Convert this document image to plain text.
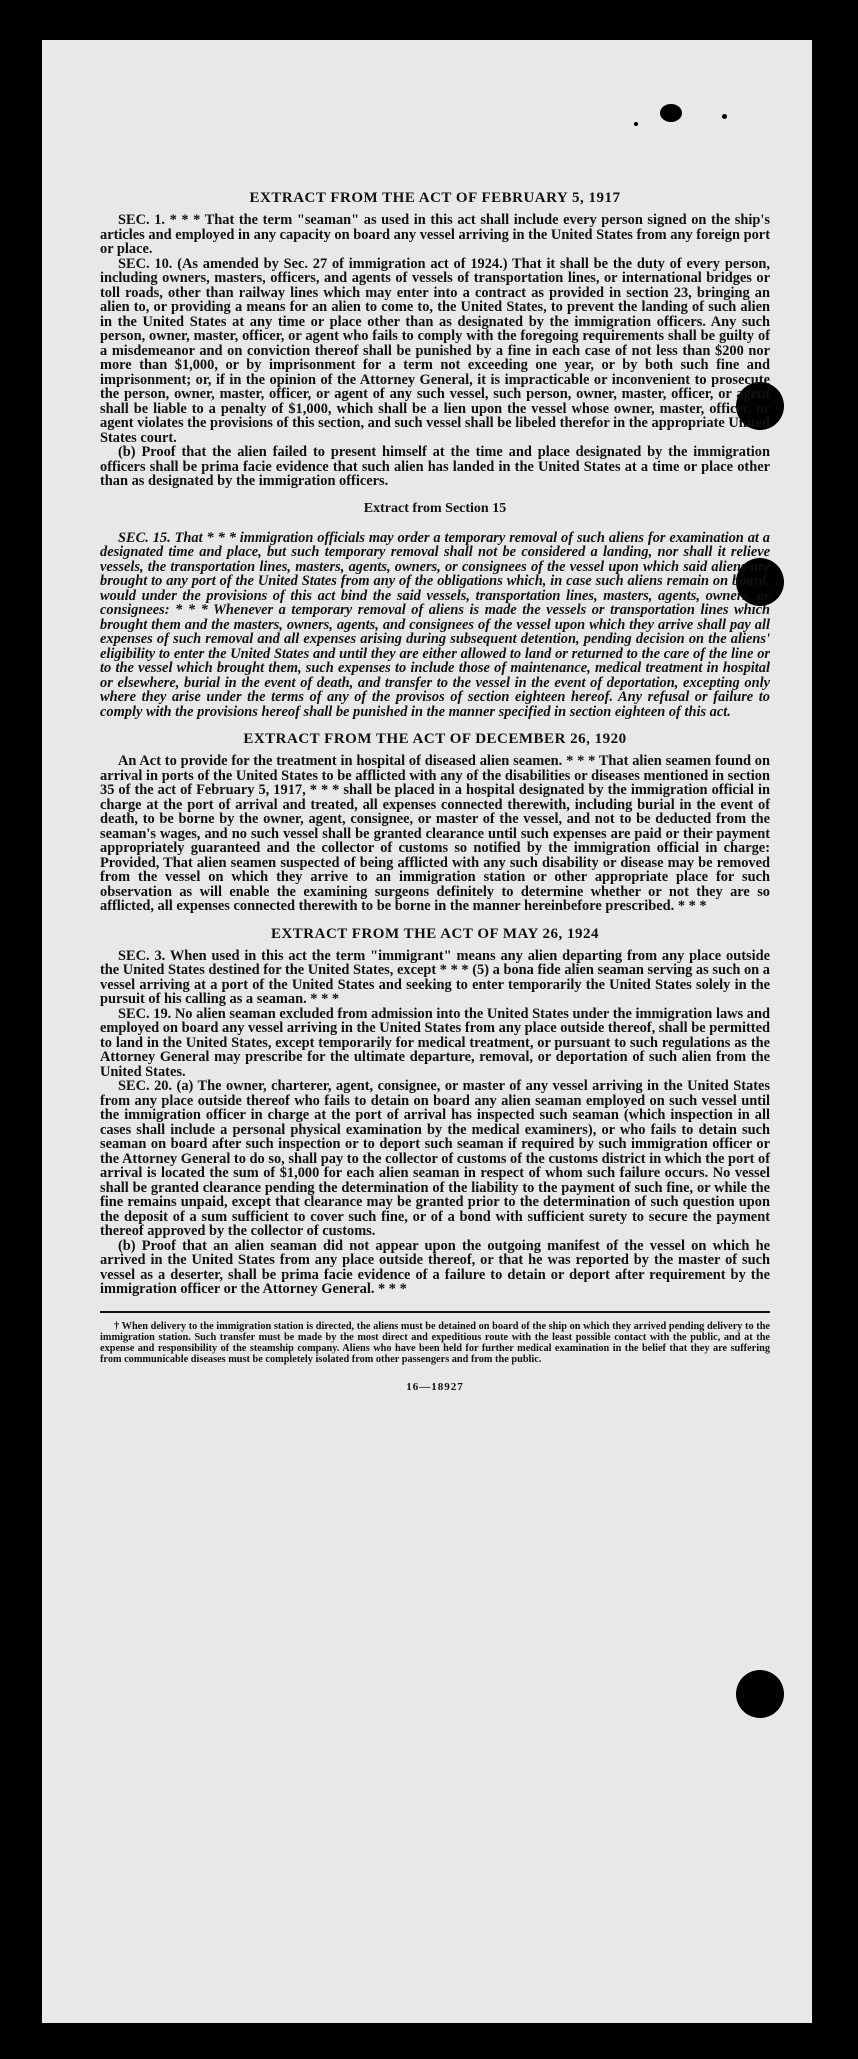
EXTRACT FROM THE ACT OF FEBRUARY 5, 1917

SEC. 1. * * * That the term "seaman" as used in this act shall include every person signed on the ship's articles and employed in any capacity on board any vessel arriving in the United States from any foreign port or place.

SEC. 10. (As amended by Sec. 27 of immigration act of 1924.) That it shall be the duty of every person, including owners, masters, officers, and agents of vessels of transportation lines, or international bridges or toll roads, other than railway lines which may enter into a contract as provided in section 23, bringing an alien to, or providing a means for an alien to come to, the United States, to prevent the landing of such alien in the United States at any time or place other than as designated by the immigration officers. Any such person, owner, master, officer, or agent who fails to comply with the foregoing requirements shall be guilty of a misdemeanor and on conviction thereof shall be punished by a fine in each case of not less than $200 nor more than $1,000, or by imprisonment for a term not exceeding one year, or by both such fine and imprisonment; or, if in the opinion of the Attorney General, it is impracticable or inconvenient to prosecute the person, owner, master, officer, or agent of any such vessel, such person, owner, master, officer, or agent shall be liable to a penalty of $1,000, which shall be a lien upon the vessel whose owner, master, officer, or agent violates the provisions of this section, and such vessel shall be libeled therefor in the appropriate United States court.

(b) Proof that the alien failed to present himself at the time and place designated by the immigration officers shall be prima facie evidence that such alien has landed in the United States at a time or place other than as designated by the immigration officers.

Extract from Section 15

SEC. 15. That * * * immigration officials may order a temporary removal of such aliens for examination at a designated time and place, but such temporary removal shall not be considered a landing, nor shall it relieve vessels, the transportation lines, masters, agents, owners, or consignees of the vessel upon which said aliens are brought to any port of the United States from any of the obligations which, in case such aliens remain on board, would under the provisions of this act bind the said vessels, transportation lines, masters, agents, owners, or consignees: * * * Whenever a temporary removal of aliens is made the vessels or transportation lines which brought them and the masters, owners, agents, and consignees of the vessel upon which they arrive shall pay all expenses of such removal and all expenses arising during subsequent detention, pending decision on the aliens' eligibility to enter the United States and until they are either allowed to land or returned to the care of the line or to the vessel which brought them, such expenses to include those of maintenance, medical treatment in hospital or elsewhere, burial in the event of death, and transfer to the vessel in the event of deportation, excepting only where they arise under the terms of any of the provisos of section eighteen hereof. Any refusal or failure to comply with the provisions hereof shall be punished in the manner specified in section eighteen of this act.

EXTRACT FROM THE ACT OF DECEMBER 26, 1920

An Act to provide for the treatment in hospital of diseased alien seamen. * * * That alien seamen found on arrival in ports of the United States to be afflicted with any of the disabilities or diseases mentioned in section 35 of the act of February 5, 1917, * * * shall be placed in a hospital designated by the immigration official in charge at the port of arrival and treated, all expenses connected therewith, including burial in the event of death, to be borne by the owner, agent, consignee, or master of the vessel, and not to be deducted from the seaman's wages, and no such vessel shall be granted clearance until such expenses are paid or their payment appropriately guaranteed and the collector of customs so notified by the immigration official in charge: Provided, That alien seamen suspected of being afflicted with any such disability or disease may be removed from the vessel on which they arrive to an immigration station or other appropriate place for such observation as will enable the examining surgeons definitely to determine whether or not they are so afflicted, all expenses connected therewith to be borne in the manner hereinbefore prescribed. * * *

EXTRACT FROM THE ACT OF MAY 26, 1924

SEC. 3. When used in this act the term "immigrant" means any alien departing from any place outside the United States destined for the United States, except * * * (5) a bona fide alien seaman serving as such on a vessel arriving at a port of the United States and seeking to enter temporarily the United States solely in the pursuit of his calling as a seaman. * * *

SEC. 19. No alien seaman excluded from admission into the United States under the immigration laws and employed on board any vessel arriving in the United States from any place outside thereof, shall be permitted to land in the United States, except temporarily for medical treatment, or pursuant to such regulations as the Attorney General may prescribe for the ultimate departure, removal, or deportation of such alien from the United States.

SEC. 20. (a) The owner, charterer, agent, consignee, or master of any vessel arriving in the United States from any place outside thereof who fails to detain on board any alien seaman employed on such vessel until the immigration officer in charge at the port of arrival has inspected such seaman (which inspection in all cases shall include a personal physical examination by the medical examiners), or who fails to detain such seaman on board after such inspection or to deport such seaman if required by such immigration officer or the Attorney General to do so, shall pay to the collector of customs of the customs district in which the port of arrival is located the sum of $1,000 for each alien seaman in respect of whom such failure occurs. No vessel shall be granted clearance pending the determination of the liability to the payment of such fine, or while the fine remains unpaid, except that clearance may be granted prior to the determination of such question upon the deposit of a sum sufficient to cover such fine, or of a bond with sufficient surety to secure the payment thereof approved by the collector of customs.

(b) Proof that an alien seaman did not appear upon the outgoing manifest of the vessel on which he arrived in the United States from any place outside thereof, or that he was reported by the master of such vessel as a deserter, shall be prima facie evidence of a failure to detain or deport after requirement by the immigration officer or the Attorney General. * * *

† When delivery to the immigration station is directed, the aliens must be detained on board of the ship on which they arrived pending delivery to the immigration station. Such transfer must be made by the most direct and expeditious route with the least possible contact with the public, and at the expense and responsibility of the steamship company. Aliens who have been held for further medical examination in the belief that they are suffering from communicable diseases must be completely isolated from other passengers and from the public.

16—18927
